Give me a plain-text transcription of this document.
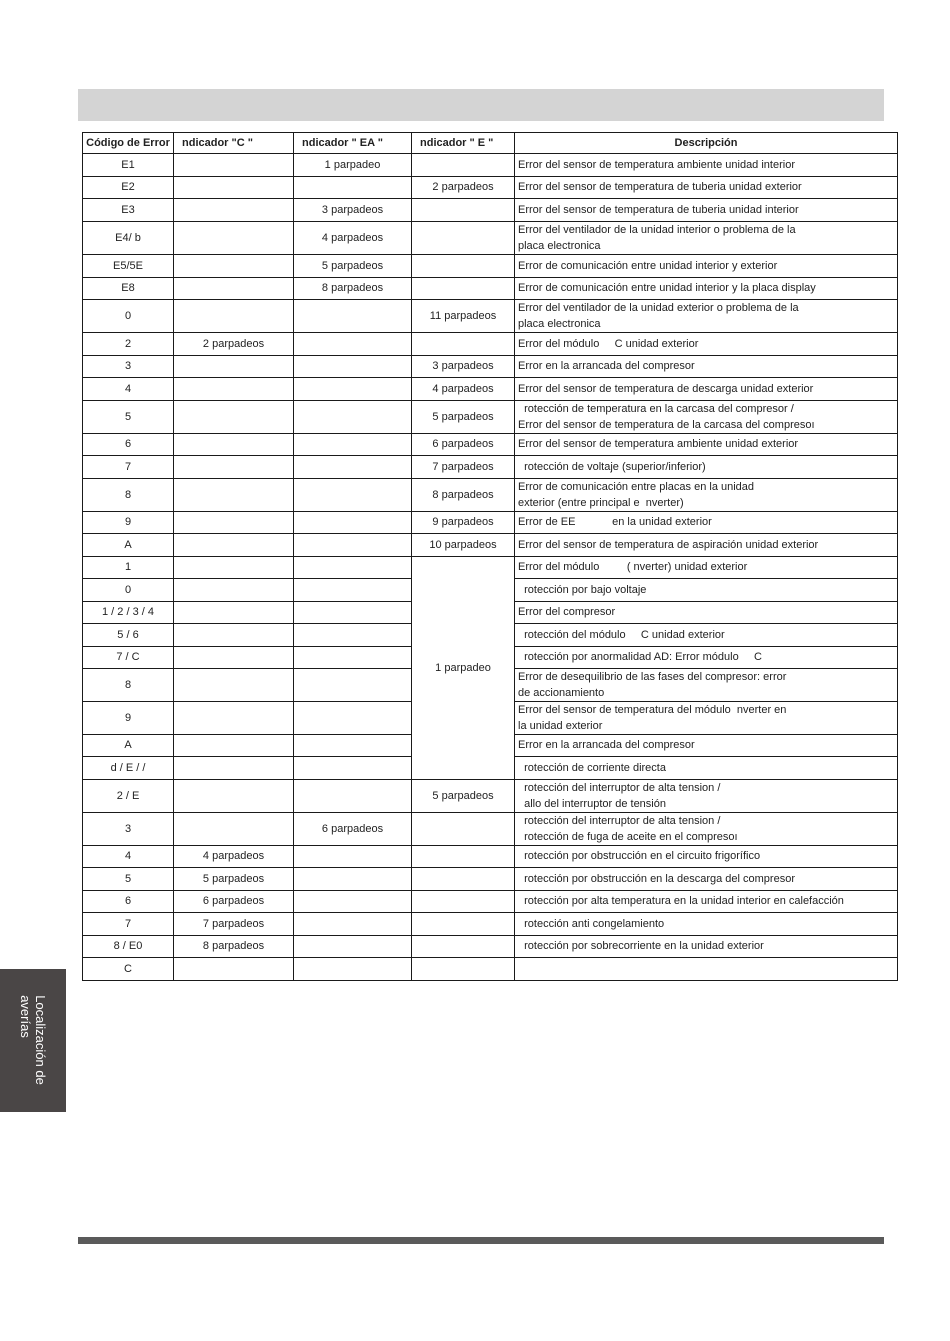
Código de Error	ndicador "C "	ndicador " EA "	ndicador " E "	Descripción
E1		1 parpadeo		Error del sensor de temperatura ambiente unidad interior
E2			2 parpadeos	Error del sensor de temperatura de tuberia unidad exterior
E3		3 parpadeos		Error del sensor de temperatura de tuberia unidad interior
E4/ b		4 parpadeos		Error del ventilador de la unidad interior o problema de la
placa electronica
E5/5E		5 parpadeos		Error de comunicación entre unidad interior y exterior
E8		8 parpadeos		Error de comunicación entre unidad interior y la placa display
0			11 parpadeos	Error del ventilador de la unidad exterior o problema de la
placa electronica
2	2 parpadeos			Error del módulo     C unidad exterior
3			3 parpadeos	Error en la arrancada del compresor
4			4 parpadeos	Error del sensor de temperatura de descarga unidad exterior
5			5 parpadeos	rotección de temperatura en la carcasa del compresor /
Error del sensor de temperatura de la carcasa del compresoı
6			6 parpadeos	Error del sensor de temperatura ambiente unidad exterior
7			7 parpadeos	rotección de voltaje (superior/inferior)
8			8 parpadeos	Error de comunicación entre placas en la unidad
exterior (entre principal e  nverter)
9			9 parpadeos	Error de EE            en la unidad exterior
A			10 parpadeos	Error del sensor de temperatura de aspiración unidad exterior
1			1 parpadeo	Error del módulo         ( nverter) unidad exterior
0				rotección por bajo voltaje
1 / 2 / 3 / 4				Error del compresor
5 / 6				rotección del módulo     C unidad exterior
7 / C				rotección por anormalidad AD: Error módulo     C
8				Error de desequilibrio de las fases del compresor: error
de accionamiento
9				Error del sensor de temperatura del módulo  nverter en
la unidad exterior
A				Error en la arrancada del compresor
d / E / /				rotección de corriente directa
2 / E			5 parpadeos	rotección del interruptor de alta tension /
allo del interruptor de tensión
3		6 parpadeos		rotección del interruptor de alta tension /
rotección de fuga de aceite en el compresoı
4	4 parpadeos			rotección por obstrucción en el circuito frigorífico
5	5 parpadeos			rotección por obstrucción en la descarga del compresor
6	6 parpadeos			rotección por alta temperatura en la unidad interior en calefacción
7	7 parpadeos			rotección anti congelamiento
8 / E0	8 parpadeos			rotección por sobrecorriente en la unidad exterior
C				
Localización de
averías
